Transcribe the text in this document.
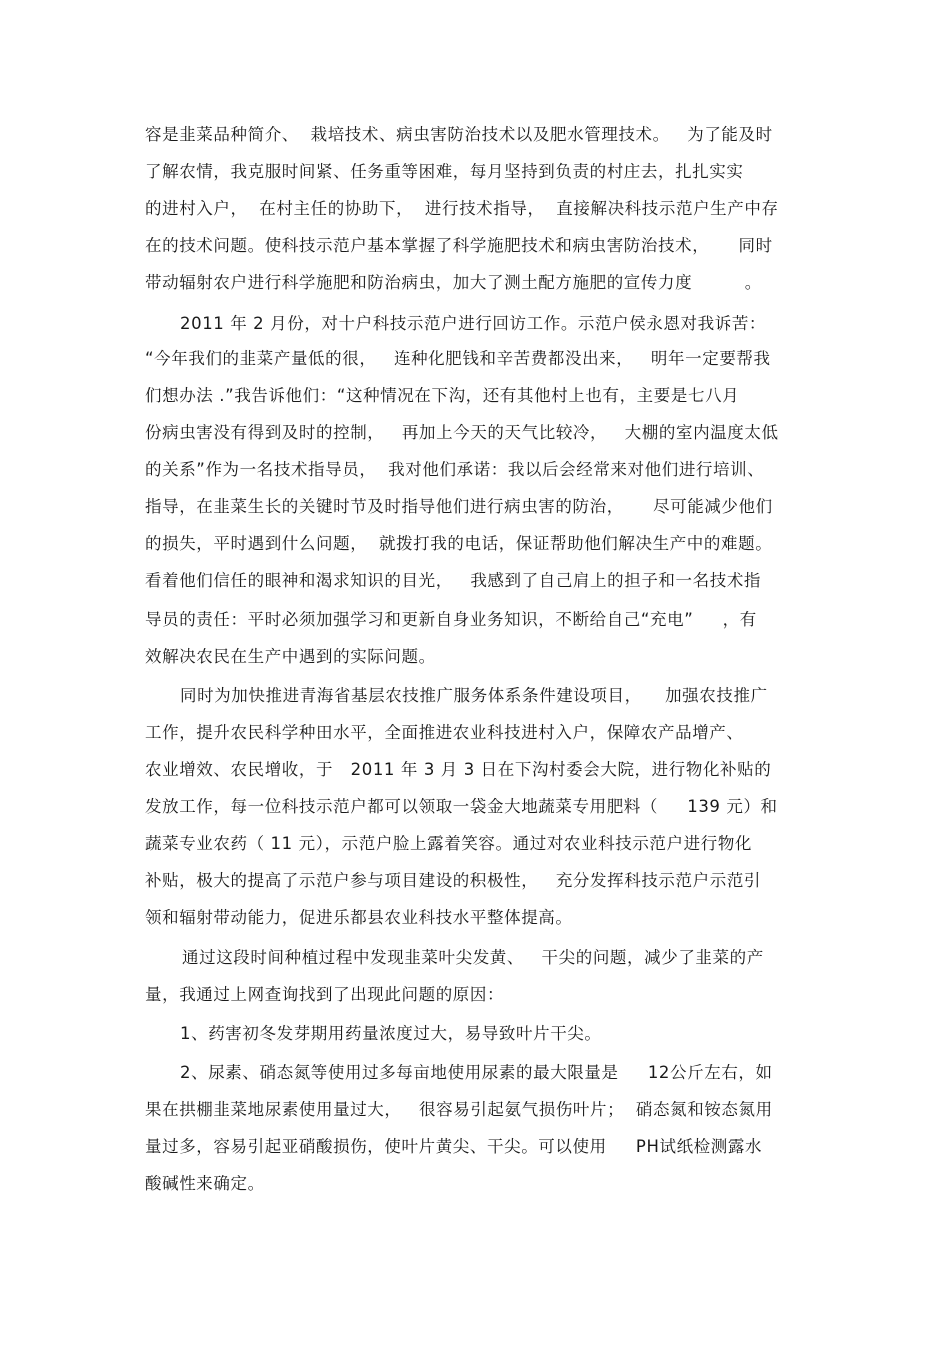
容是韭菜品种简介、  栽培技术、病虫害防治技术以及肥水管理技术。   为了能及时
了解农情，我克服时间紧、任务重等困难，每月坚持到负责的村庄去，扎扎实实
的进村入户，  在村主任的协助下，  进行技术指导，  直接解决科技示范户生产中存
在的技术问题。使科技示范户基本掌握了科学施肥技术和病虫害防治技术，     同时
带动辐射农户进行科学施肥和防治病虫，加大了测土配方施肥的宣传力度         。
2011 年 2 月份，对十户科技示范户进行回访工作。示范户侯永恩对我诉苦：
“今年我们的韭菜产量低的很，   连种化肥钱和辛苦费都没出来，   明年一定要帮我
们想办法 .”我告诉他们：“这种情况在下沟，还有其他村上也有，主要是七八月
份病虫害没有得到及时的控制，   再加上今天的天气比较冷，   大棚的室内温度太低
的关系”作为一名技术指导员，  我对他们承诺：我以后会经常来对他们进行培训、
指导，在韭菜生长的关键时节及时指导他们进行病虫害的防治，     尽可能减少他们
的损失，平时遇到什么问题，  就拨打我的电话，保证帮助他们解决生产中的难题。
看着他们信任的眼神和渴求知识的目光，   我感到了自己肩上的担子和一名技术指
导员的责任：平时必须加强学习和更新自身业务知识，不断给自己“充电”     ，有
效解决农民在生产中遇到的实际问题。
同时为加快推进青海省基层农技推广服务体系条件建设项目，    加强农技推广
工作，提升农民科学种田水平，全面推进农业科技进村入户，保障农产品增产、
农业增效、农民增收，于   2011 年 3 月 3 日在下沟村委会大院，进行物化补贴的
发放工作，每一位科技示范户都可以领取一袋金大地蔬菜专用肥料（     139 元）和
蔬菜专业农药（ 11 元），示范户脸上露着笑容。通过对农业科技示范户进行物化
补贴，极大的提高了示范户参与项目建设的积极性，   充分发挥科技示范户示范引
领和辐射带动能力，促进乐都县农业科技水平整体提高。
通过这段时间种植过程中发现韭菜叶尖发黄、   干尖的问题，减少了韭菜的产
量，我通过上网查询找到了出现此问题的原因：
1、药害初冬发芽期用药量浓度过大，易导致叶片干尖。
2、尿素、硝态氮等使用过多每亩地使用尿素的最大限量是     12公斤左右，如
果在拱棚韭菜地尿素使用量过大，   很容易引起氨气损伤叶片；  硝态氮和铵态氮用
量过多，容易引起亚硝酸损伤，使叶片黄尖、干尖。可以使用     PH试纸检测露水
酸碱性来确定。
